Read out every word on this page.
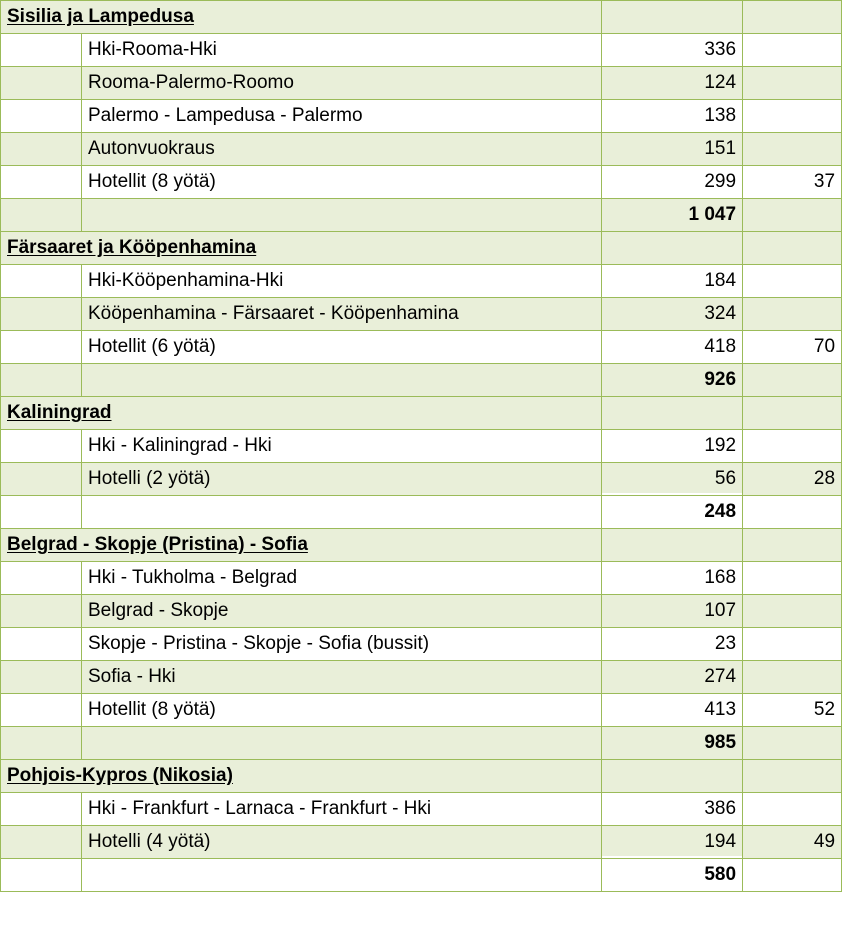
Sisilia ja Lampedusa			
	Hki-Rooma-Hki	336	
	Rooma-Palermo-Roomo	124	
	Palermo - Lampedusa - Palermo	138	
	Autonvuokraus	151	
	Hotellit (8 yötä)	299	37
		1 047	
Färsaaret ja Kööpenhamina			
	Hki-Kööpenhamina-Hki	184	
	Kööpenhamina - Färsaaret - Kööpenhamina	324	
	Hotellit (6 yötä)	418	70
		926	
Kaliningrad			
	Hki - Kaliningrad - Hki	192	
	Hotelli (2 yötä)	56	28
		248	
Belgrad - Skopje (Pristina) - Sofia			
	Hki - Tukholma - Belgrad	168	
	Belgrad - Skopje	107	
	Skopje - Pristina - Skopje - Sofia (bussit)	23	
	Sofia - Hki	274	
	Hotellit (8 yötä)	413	52
		985	
Pohjois-Kypros (Nikosia)			
	Hki - Frankfurt - Larnaca - Frankfurt - Hki	386	
	Hotelli (4 yötä)	194	49
		580	
